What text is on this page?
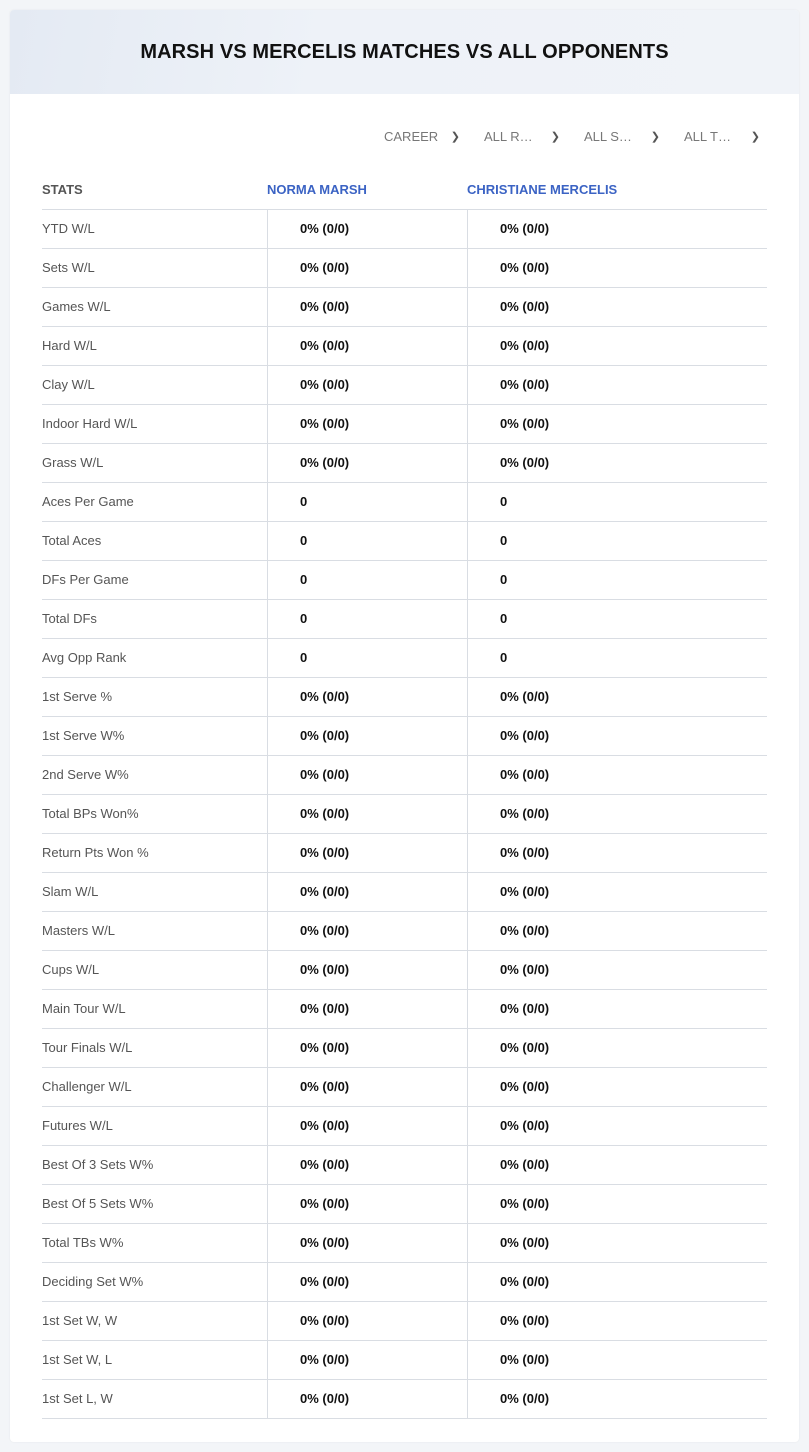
MARSH VS MERCELIS MATCHES VS ALL OPPONENTS
CAREER ❯ ALL R… ❯ ALL S… ❯ ALL T… ❯
STATS	NORMA MARSH	CHRISTIANE MERCELIS
YTD W/L	0% (0/0)	0% (0/0)
Sets W/L	0% (0/0)	0% (0/0)
Games W/L	0% (0/0)	0% (0/0)
Hard W/L	0% (0/0)	0% (0/0)
Clay W/L	0% (0/0)	0% (0/0)
Indoor Hard W/L	0% (0/0)	0% (0/0)
Grass W/L	0% (0/0)	0% (0/0)
Aces Per Game	0	0
Total Aces	0	0
DFs Per Game	0	0
Total DFs	0	0
Avg Opp Rank	0	0
1st Serve %	0% (0/0)	0% (0/0)
1st Serve W%	0% (0/0)	0% (0/0)
2nd Serve W%	0% (0/0)	0% (0/0)
Total BPs Won%	0% (0/0)	0% (0/0)
Return Pts Won %	0% (0/0)	0% (0/0)
Slam W/L	0% (0/0)	0% (0/0)
Masters W/L	0% (0/0)	0% (0/0)
Cups W/L	0% (0/0)	0% (0/0)
Main Tour W/L	0% (0/0)	0% (0/0)
Tour Finals W/L	0% (0/0)	0% (0/0)
Challenger W/L	0% (0/0)	0% (0/0)
Futures W/L	0% (0/0)	0% (0/0)
Best Of 3 Sets W%	0% (0/0)	0% (0/0)
Best Of 5 Sets W%	0% (0/0)	0% (0/0)
Total TBs W%	0% (0/0)	0% (0/0)
Deciding Set W%	0% (0/0)	0% (0/0)
1st Set W, W	0% (0/0)	0% (0/0)
1st Set W, L	0% (0/0)	0% (0/0)
1st Set L, W	0% (0/0)	0% (0/0)
